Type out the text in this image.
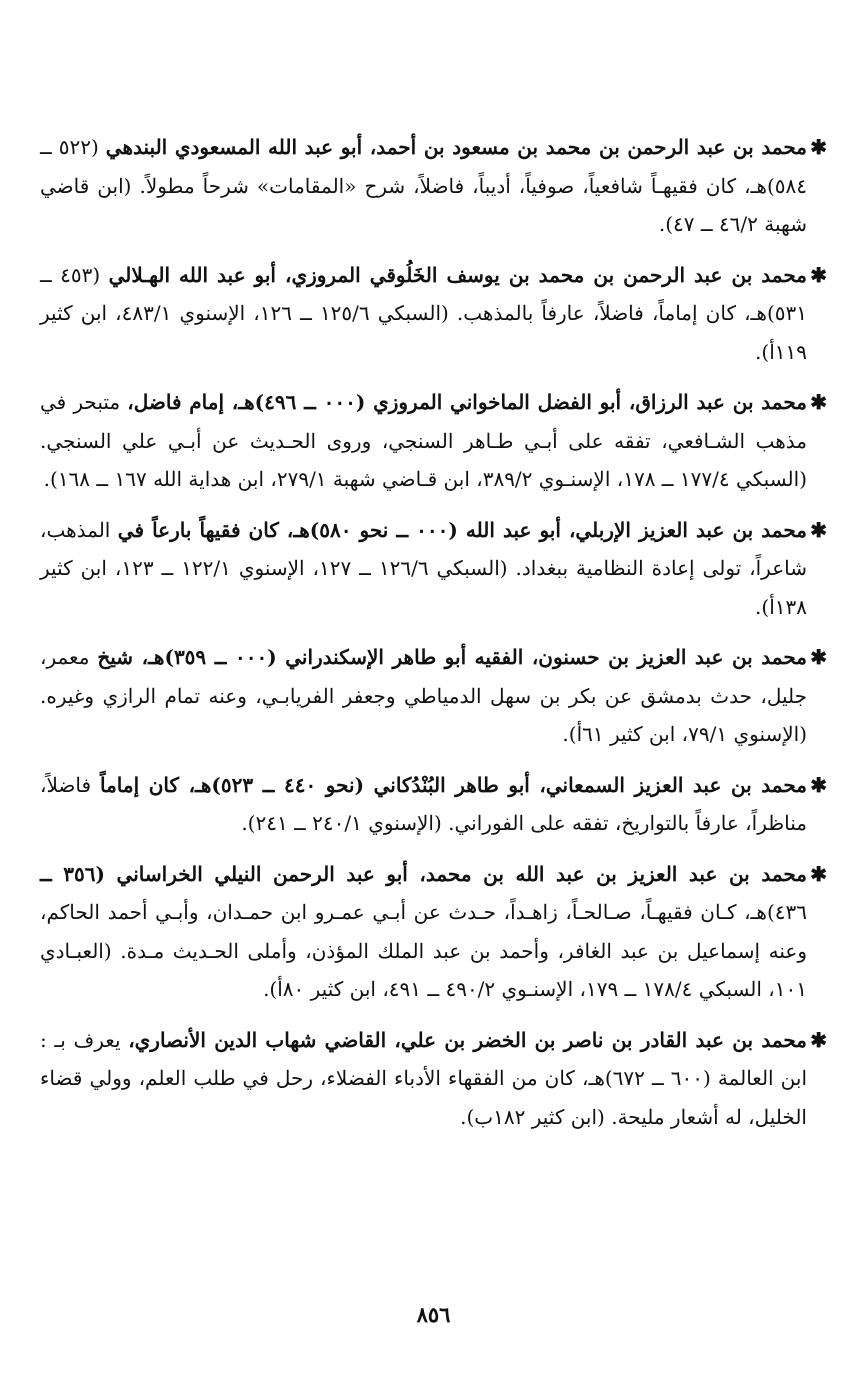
✱
محمد بن عبد الرحمن بن محمد بن مسعود بن أحمد، أبو عبد الله المسعودي البندهي (٥٢٢ ــ ٥٨٤)هـ، كان فقيهـاً شافعياً، صوفياً، أديباً، فاضلاً، شرح «المقامات» شرحاً مطولاً. (ابن قاضي شهبة ٤٦/٢ ــ ٤٧).

✱
محمد بن عبد الرحمن بن محمد بن يوسف الخَلُوقي المروزي، أبو عبد الله الهـلالي (٤٥٣ ــ ٥٣١)هـ، كان إماماً، فاضلاً، عارفاً بالمذهب. (السبكي ١٢٥/٦ ــ ١٢٦، الإسنوي ٤٨٣/١، ابن كثير ١١٩أ).

✱
محمد بن عبد الرزاق، أبو الفضل الماخواني المروزي (٠٠٠ ــ ٤٩٦)هـ، إمام فاضل، متبحر في مذهب الشـافعي، تفقه على أبـي طـاهر السنجي، وروى الحـديث عن أبـي علي السنجي. (السبكي ١٧٧/٤ ــ ١٧٨، الإسنـوي ٣٨٩/٢، ابن قـاضي شهبة ٢٧٩/١، ابن هداية الله ١٦٧ ــ ١٦٨).

✱
محمد بن عبد العزيز الإربلي، أبو عبد الله (٠٠٠ ــ نحو ٥٨٠)هـ، كان فقيهاً بارعاً في المذهب، شاعراً، تولى إعادة النظامية ببغداد. (السبكي ١٢٦/٦ ــ ١٢٧، الإسنوي ١٢٢/١ ــ ١٢٣، ابن كثير ١٣٨أ).

✱
محمد بن عبد العزيز بن حسنون، الفقيه أبو طاهر الإسكندراني (٠٠٠ ــ ٣٥٩)هـ، شيخ معمر، جليل، حدث بدمشق عن بكر بن سهل الدمياطي وجعفر الفريابـي، وعنه تمام الرازي وغيره. (الإسنوي ٧٩/١، ابن كثير ٦١أ).

✱
محمد بن عبد العزيز السمعاني، أبو طاهر البُنْدُكاني (نحو ٤٤٠ ــ ٥٢٣)هـ، كان إماماً فاضلاً، مناظراً، عارفاً بالتواريخ، تفقه على الفوراني. (الإسنوي ٢٤٠/١ ــ ٢٤١).

✱
محمد بن عبد العزيز بن عبد الله بن محمد، أبو عبد الرحمن النيلي الخراساني (٣٥٦ ــ ٤٣٦)هـ، كـان فقيهـاً، صـالحـاً، زاهـداً، حـدث عن أبـي عمـرو ابن حمـدان، وأبـي أحمد الحاكم، وعنه إسماعيل بن عبد الغافر، وأحمد بن عبد الملك المؤذن، وأملى الحـديث مـدة. (العبـادي ١٠١، السبكي ١٧٨/٤ ــ ١٧٩، الإسنـوي ٤٩٠/٢ ــ ٤٩١، ابن كثير ٨٠أ).

✱
محمد بن عبد القادر بن ناصر بن الخضر بن علي، القاضي شهاب الدين الأنصاري، يعرف بـ : ابن العالمة (٦٠٠ ــ ٦٧٢)هـ، كان من الفقهاء الأدباء الفضلاء، رحل في طلب العلم، وولي قضاء الخليل، له أشعار مليحة. (ابن كثير ١٨٢ب).

٨٥٦
